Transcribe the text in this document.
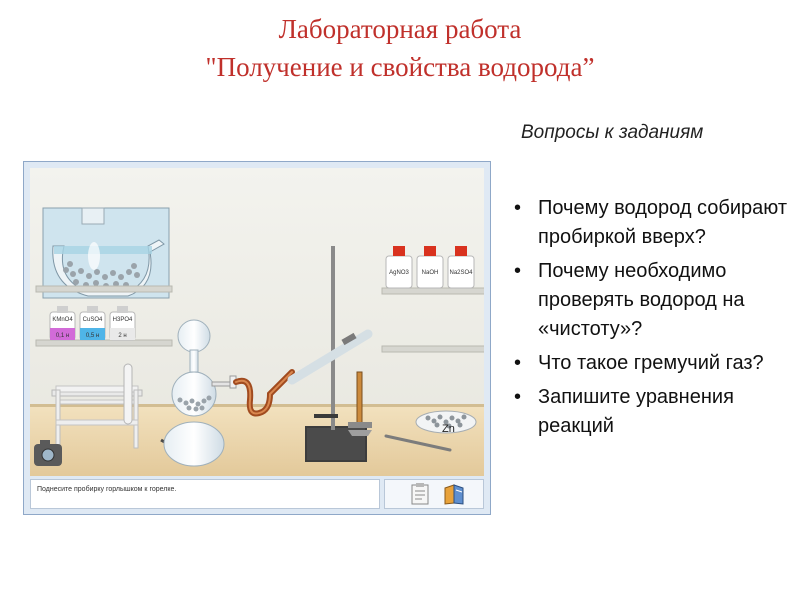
Лабораторная работа
"Получение и свойства водорода”
Вопросы к заданиям
• Почему водород собирают пробиркой вверх?
• Почему необходимо проверять водород на «чистоту»?
• Что такое гремучий газ?
• Запишите уравнения реакций
KMnO4
0,1 н
CuSO4
0,5 н
H3PO4
2 н
AgNO3 NaOH Na2SO4
Zn
Поднесите пробирку горлышком к горелке.
